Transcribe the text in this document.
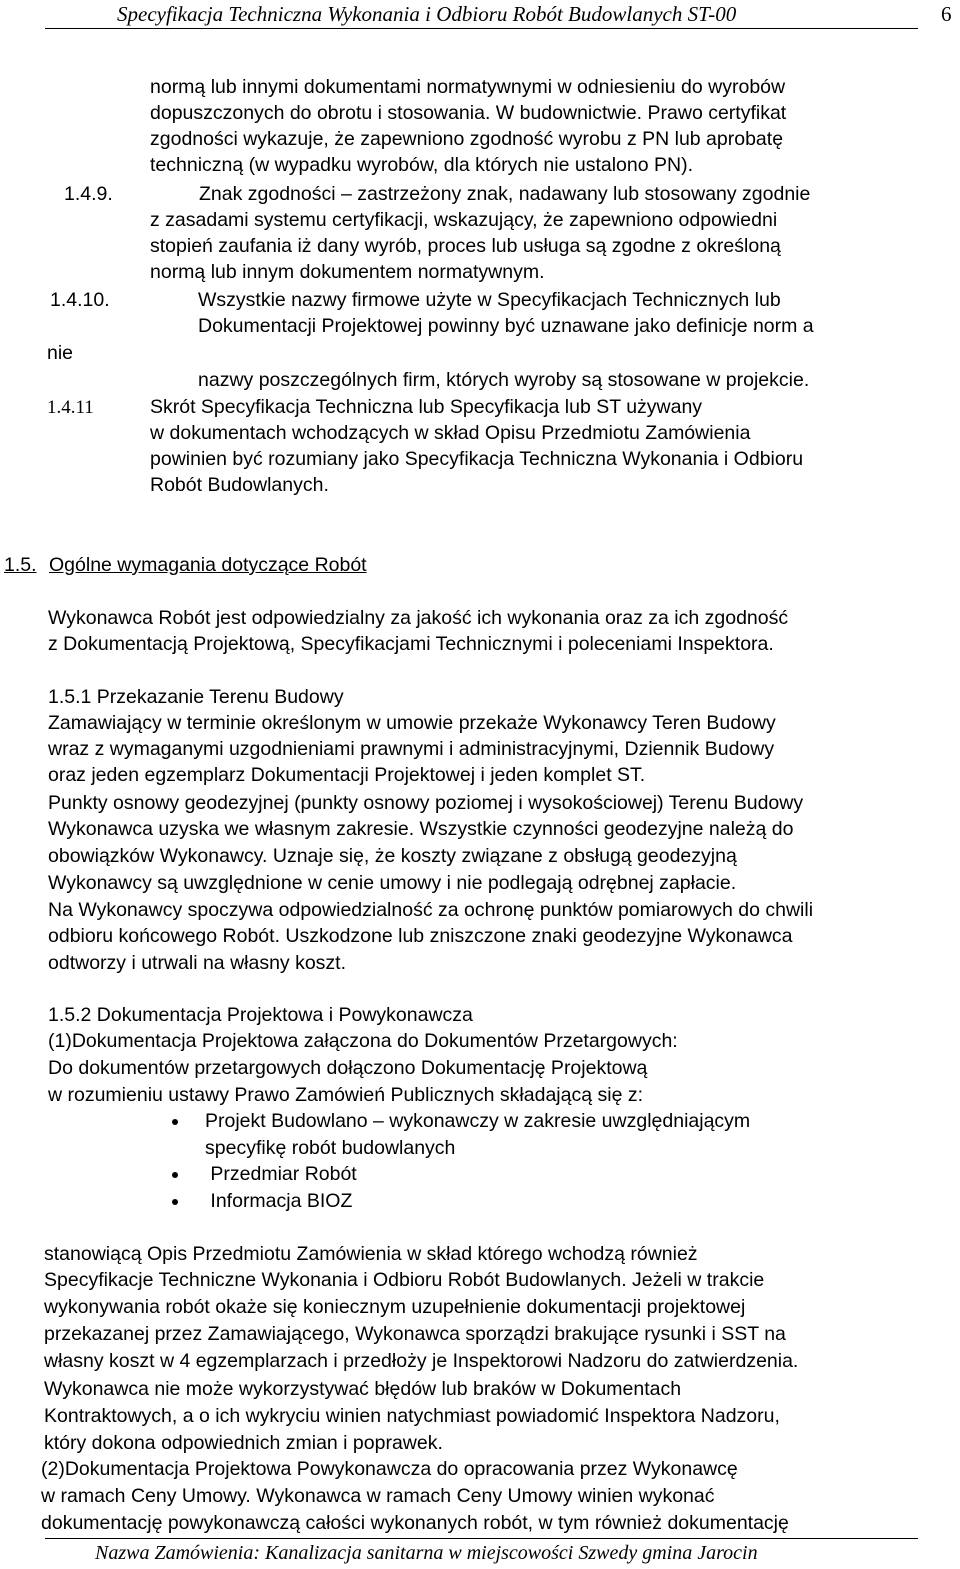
Specyfikacja Techniczna Wykonania i Odbioru Robót Budowlanych ST-00	6
normą lub innymi dokumentami normatywnymi w odniesieniu do wyrobów
dopuszczonych do obrotu i stosowania. W budownictwie. Prawo certyfikat
zgodności wykazuje, że zapewniono zgodność wyrobu z PN lub aprobatę
techniczną (w wypadku wyrobów, dla których nie ustalono PN).
1.4.9.	Znak zgodności – zastrzeżony znak, nadawany lub stosowany zgodnie
z zasadami systemu certyfikacji, wskazujący, że zapewniono odpowiedni
stopień zaufania iż dany wyrób, proces lub usługa są zgodne z określoną
normą lub innym dokumentem normatywnym.
1.4.10.	Wszystkie nazwy firmowe użyte w Specyfikacjach Technicznych lub
Dokumentacji Projektowej powinny być uznawane jako definicje norm a
nie
nazwy poszczególnych firm, których wyroby są stosowane w projekcie.
1.4.11	Skrót Specyfikacja Techniczna lub Specyfikacja lub ST używany
w dokumentach wchodzących w skład Opisu Przedmiotu Zamówienia
powinien być rozumiany jako Specyfikacja Techniczna Wykonania i Odbioru
Robót Budowlanych.
1.5. Ogólne wymagania dotyczące Robót
Wykonawca Robót jest odpowiedzialny za jakość ich wykonania oraz za ich zgodność
z Dokumentacją Projektową, Specyfikacjami Technicznymi i poleceniami Inspektora.
1.5.1 Przekazanie Terenu Budowy
Zamawiający w terminie określonym w umowie przekaże Wykonawcy Teren Budowy
wraz z wymaganymi uzgodnieniami prawnymi i administracyjnymi, Dziennik Budowy
oraz jeden egzemplarz Dokumentacji Projektowej i jeden komplet ST.
Punkty osnowy geodezyjnej (punkty osnowy poziomej i wysokościowej) Terenu Budowy
Wykonawca uzyska we własnym zakresie. Wszystkie czynności geodezyjne należą do
obowiązków Wykonawcy. Uznaje się, że koszty związane z obsługą geodezyjną
Wykonawcy są uwzględnione w cenie umowy i nie podlegają odrębnej zapłacie.
Na Wykonawcy spoczywa odpowiedzialność za ochronę punktów pomiarowych do chwili
odbioru końcowego Robót. Uszkodzone lub zniszczone znaki geodezyjne Wykonawca
odtworzy i utrwali na własny koszt.
1.5.2 Dokumentacja Projektowa i Powykonawcza
(1)Dokumentacja Projektowa załączona do Dokumentów Przetargowych:
Do dokumentów przetargowych dołączono Dokumentację Projektową
w rozumieniu ustawy Prawo Zamówień Publicznych składającą się z:
Projekt Budowlano – wykonawczy w zakresie uwzględniającym
specyfikę robót budowlanych
Przedmiar Robót
Informacja BIOZ
stanowiącą Opis Przedmiotu Zamówienia w skład którego wchodzą również
Specyfikacje Techniczne Wykonania i Odbioru Robót Budowlanych. Jeżeli w trakcie
wykonywania robót okaże się koniecznym uzupełnienie dokumentacji projektowej
przekazanej przez Zamawiającego, Wykonawca sporządzi brakujące rysunki i SST na
własny koszt w 4 egzemplarzach i przedłoży je Inspektorowi Nadzoru do zatwierdzenia.
Wykonawca nie może wykorzystywać błędów lub braków w Dokumentach
Kontraktowych, a o ich wykryciu winien natychmiast powiadomić Inspektora Nadzoru,
który dokona odpowiednich zmian i poprawek.
(2)Dokumentacja Projektowa Powykonawcza do opracowania przez Wykonawcę
w ramach Ceny Umowy. Wykonawca w ramach Ceny Umowy winien wykonać
dokumentację powykonawczą całości wykonanych robót, w tym również dokumentację
Nazwa Zamówienia: Kanalizacja sanitarna w miejscowości Szwedy gmina Jarocin
